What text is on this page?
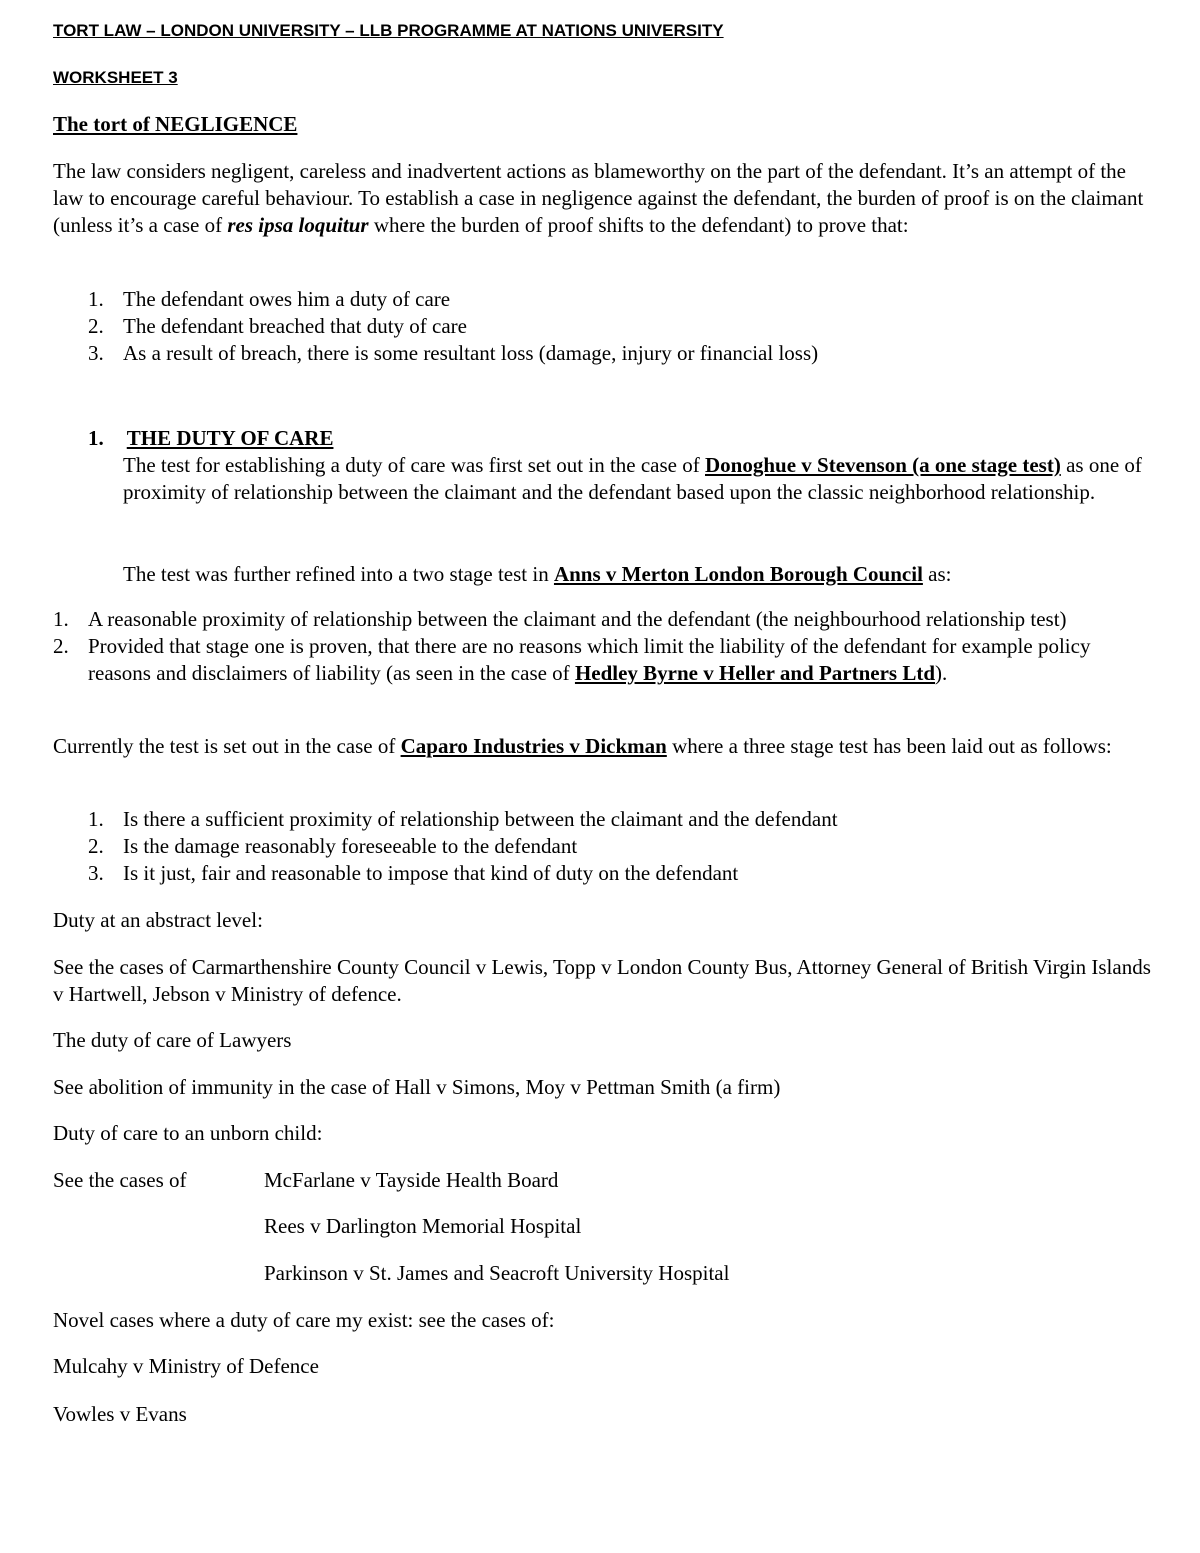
TORT LAW – LONDON UNIVERSITY – LLB PROGRAMME AT NATIONS UNIVERSITY
WORKSHEET 3
The tort of NEGLIGENCE
The law considers negligent, careless and inadvertent actions as blameworthy on the part of the defendant. It’s an attempt of the law to encourage careful behaviour. To establish a case in negligence against the defendant, the burden of proof is on the claimant (unless it’s a case of res ipsa loquitur where the burden of proof shifts to the defendant) to prove that:
1. The defendant owes him a duty of care
2. The defendant breached that duty of care
3. As a result of breach, there is some resultant loss (damage, injury or financial loss)
1. THE DUTY OF CARE
The test for establishing a duty of care was first set out in the case of Donoghue v Stevenson (a one stage test) as one of proximity of relationship between the claimant and the defendant based upon the classic neighborhood relationship.
The test was further refined into a two stage test in Anns v Merton London Borough Council as:
1. A reasonable proximity of relationship between the claimant and the defendant (the neighbourhood relationship test)
2. Provided that stage one is proven, that there are no reasons which limit the liability of the defendant for example policy reasons and disclaimers of liability (as seen in the case of Hedley Byrne v Heller and Partners Ltd).
Currently the test is set out in the case of Caparo Industries v Dickman where a three stage test has been laid out as follows:
1. Is there a sufficient proximity of relationship between the claimant and the defendant
2. Is the damage reasonably foreseeable to the defendant
3. Is it just, fair and reasonable to impose that kind of duty on the defendant
Duty at an abstract level:
See the cases of Carmarthenshire County Council v Lewis, Topp v London County Bus, Attorney General of British Virgin Islands v Hartwell, Jebson v Ministry of defence.
The duty of care of Lawyers
See abolition of immunity in the case of Hall v Simons, Moy v Pettman Smith (a firm)
Duty of care to an unborn child:
See the cases of	McFarlane v Tayside Health Board
Rees v Darlington Memorial Hospital
Parkinson v St. James and Seacroft University Hospital
Novel cases where a duty of care my exist: see the cases of:
Mulcahy v Ministry of Defence
Vowles v Evans
